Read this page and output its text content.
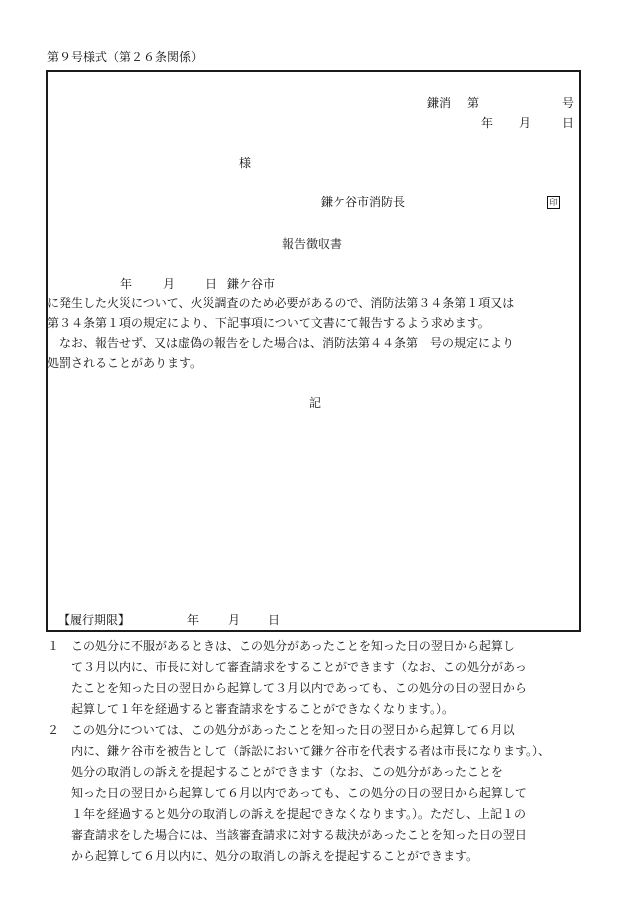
第９号様式（第２６条関係）
鎌消 第	号
年 月	日
様
鎌ケ谷市消防長	印
報告徴収書
年	月 日 鎌ケ谷市
に発生した火災について、火災調査のため必要があるので、消防法第３４条第１項又は
第３４条第１項の規定により、下記事項について文書にて報告するよう求めます。
　なお、報告せず、又は虚偽の報告をした場合は、消防法第４４条第　号の規定により
処罰されることがあります。
記
【履行期限】	年 月 日
１ この処分に不服があるときは、この処分があったことを知った日の翌日から起算し
て３月以内に、市長に対して審査請求をすることができます（なお、この処分があっ
たことを知った日の翌日から起算して３月以内であっても、この処分の日の翌日から
起算して１年を経過すると審査請求をすることができなくなります。）。
２ この処分については、この処分があったことを知った日の翌日から起算して６月以
内に、鎌ケ谷市を被告として（訴訟において鎌ケ谷市を代表する者は市長になります。）、
処分の取消しの訴えを提起することができます（なお、この処分があったことを
知った日の翌日から起算して６月以内であっても、この処分の日の翌日から起算して
１年を経過すると処分の取消しの訴えを提起できなくなります。）。ただし、上記１の
審査請求をした場合には、当該審査請求に対する裁決があったことを知った日の翌日
から起算して６月以内に、処分の取消しの訴えを提起することができます。
